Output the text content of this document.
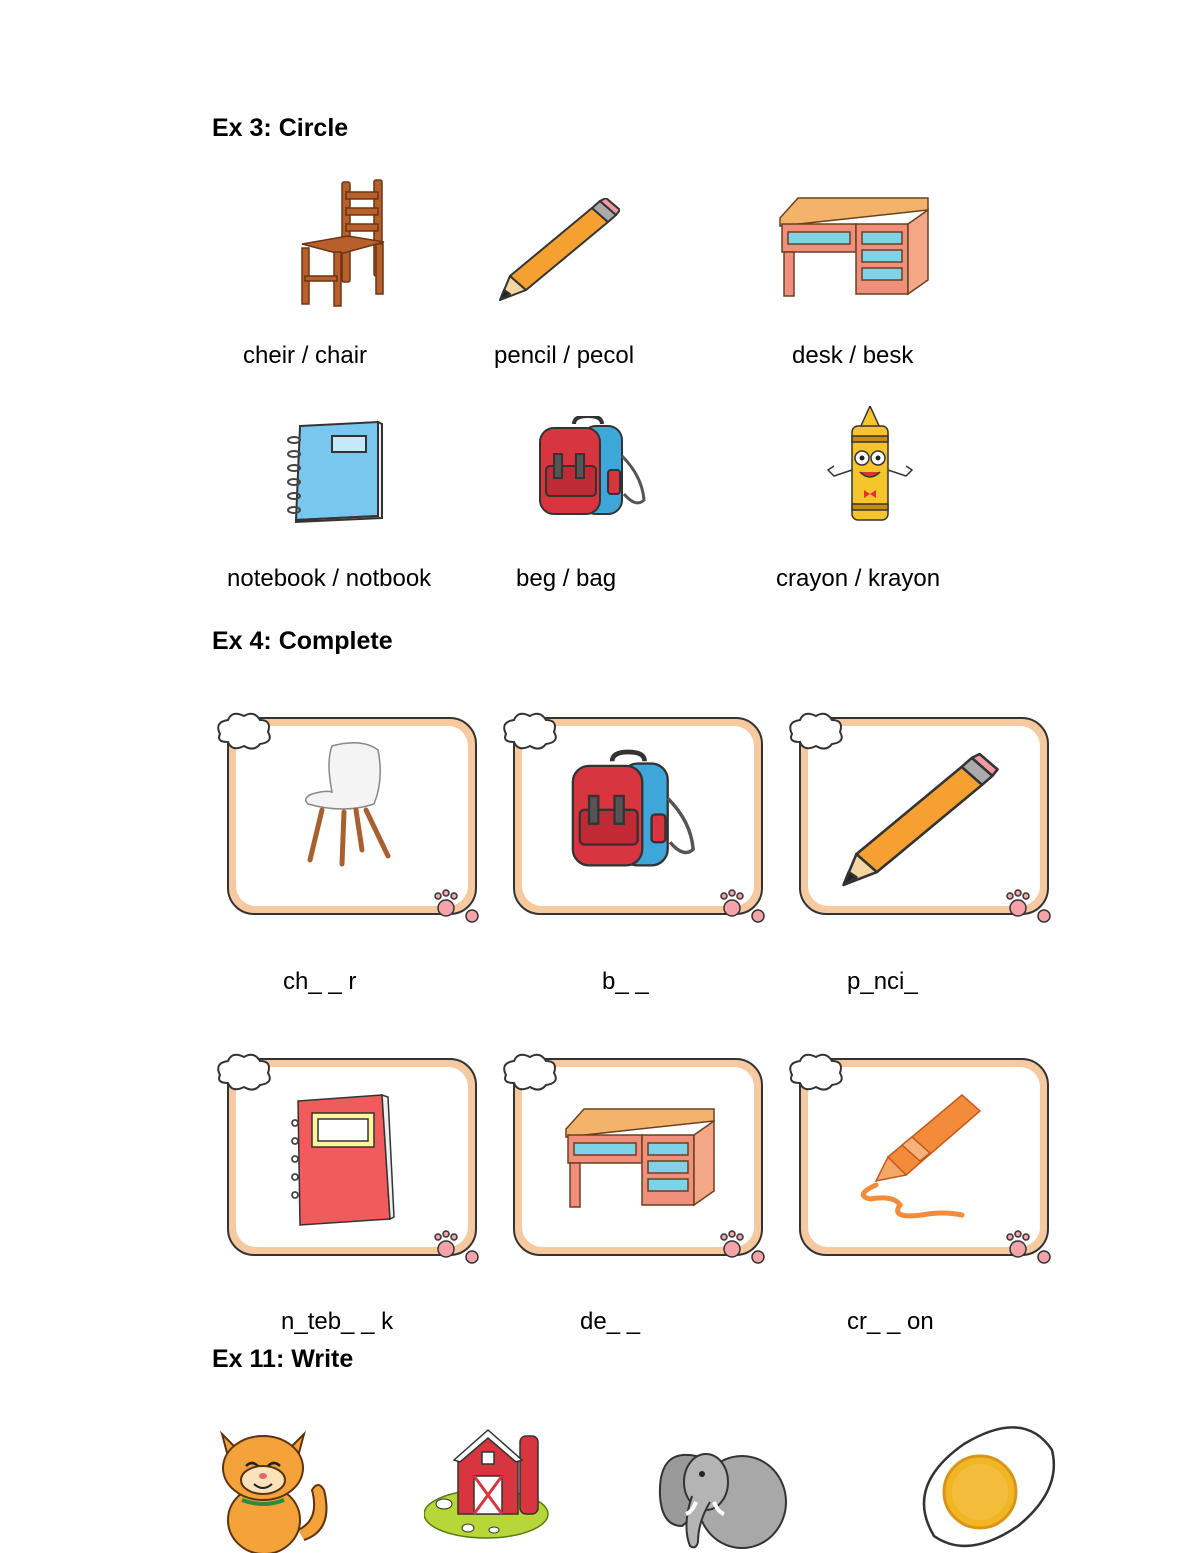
Ex 3: Circle
cheir / chair	pencil / pecol	desk / besk
notebook / notbook	beg / bag	crayon / krayon
Ex 4: Complete
ch_ _ r	b_ _	p_nci_
n_teb_ _ k	de_ _	cr_ _ on
Ex 11: Write
